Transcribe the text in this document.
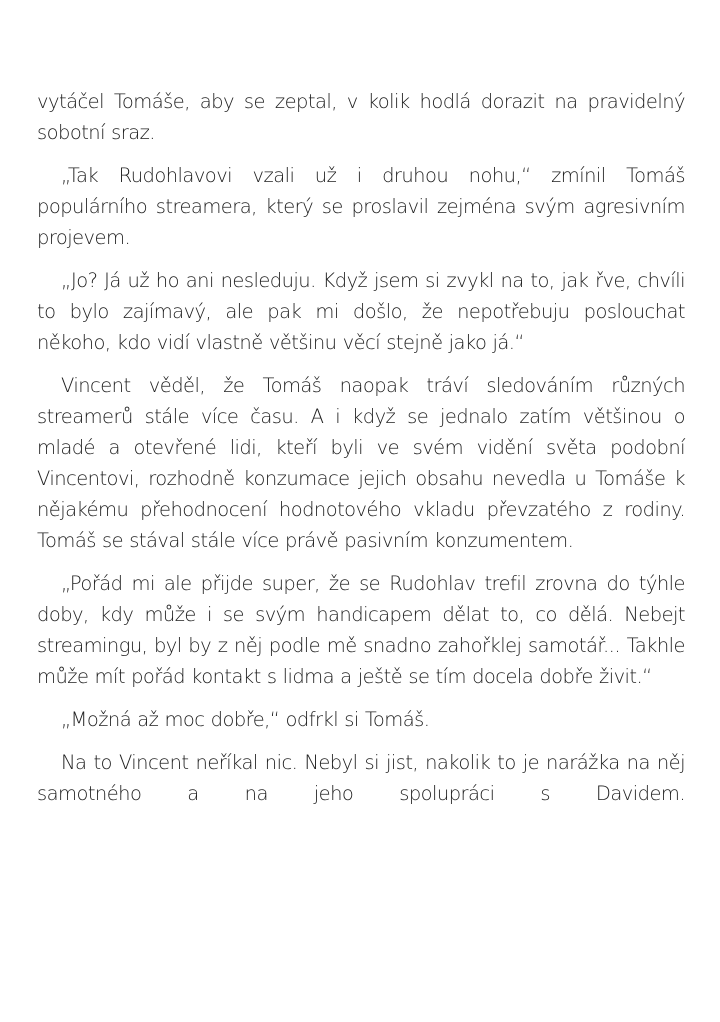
vytáčel Tomáše, aby se zeptal, v kolik hodlá dorazit na pravidelný sobotní sraz.

„Tak Rudohlavovi vzali už i druhou nohu,“ zmínil Tomáš populárního streamera, který se proslavil zejména svým agresivním projevem.

„Jo? Já už ho ani nesleduju. Když jsem si zvykl na to, jak řve, chvíli to bylo zajímavý, ale pak mi došlo, že nepotřebuju poslouchat někoho, kdo vidí vlastně většinu věcí stejně jako já.“

Vincent věděl, že Tomáš naopak tráví sledováním různých streamerů stále více času. A i když se jednalo zatím většinou o mladé a otevřené lidi, kteří byli ve svém vidění světa podobní Vincentovi, rozhodně konzumace jejich obsahu nevedla u Tomáše k nějakému přehodnocení hodnotového vkladu převzatého z rodiny. Tomáš se stával stále více právě pasivním konzumentem.

„Pořád mi ale přijde super, že se Rudohlav trefil zrovna do týhle doby, kdy může i se svým handicapem dělat to, co dělá. Nebejt streamingu, byl by z něj podle mě snadno zahořklej samotář... Takhle může mít pořád kontakt s lidma a ještě se tím docela dobře živit.“

„Možná až moc dobře,“ odfrkl si Tomáš.

Na to Vincent neříkal nic. Nebyl si jist, nakolik to je narážka na něj samotného a na jeho spolupráci s Davidem.
